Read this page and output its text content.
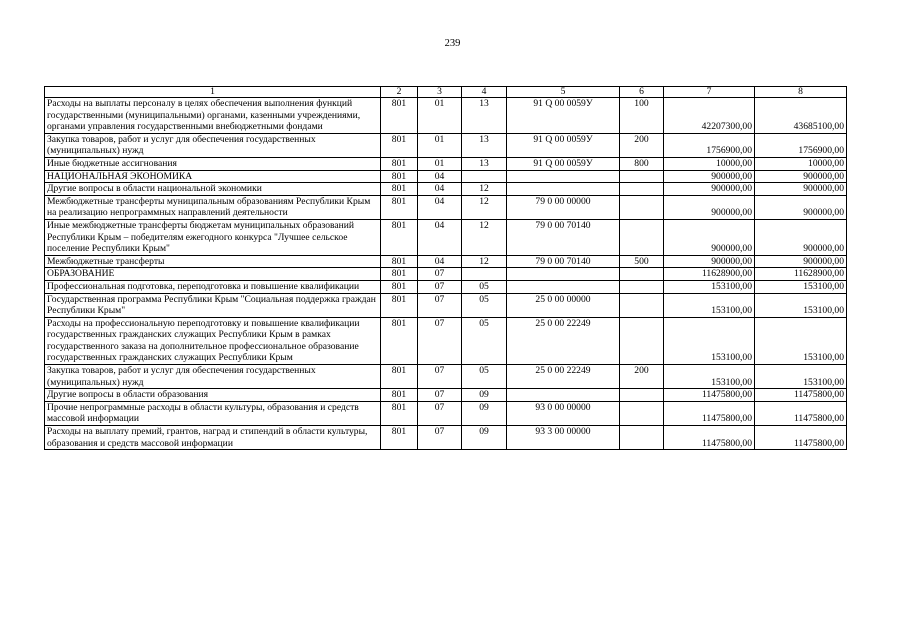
239
1	2	3	4	5	6	7	8
Расходы на выплаты персоналу в целях обеспечения выполнения функций государственными (муниципальными) органами, казенными учреждениями, органами управления государственными внебюджетными фондами	801	01	13	91 Q 00 0059У	100	42207300,00	43685100,00
Закупка товаров, работ и услуг для обеспечения государственных (муниципальных) нужд	801	01	13	91 Q 00 0059У	200	1756900,00	1756900,00
Иные бюджетные ассигнования	801	01	13	91 Q 00 0059У	800	10000,00	10000,00
НАЦИОНАЛЬНАЯ ЭКОНОМИКА	801	04				900000,00	900000,00
Другие вопросы в области национальной экономики	801	04	12			900000,00	900000,00
Межбюджетные трансферты муниципальным образованиям Республики Крым на реализацию непрограммных направлений деятельности	801	04	12	79 0 00 00000		900000,00	900000,00
Иные межбюджетные трансферты бюджетам муниципальных образований Республики Крым – победителям ежегодного конкурса "Лучшее сельское поселение Республики Крым"	801	04	12	79 0 00 70140		900000,00	900000,00
Межбюджетные трансферты	801	04	12	79 0 00 70140	500	900000,00	900000,00
ОБРАЗОВАНИЕ	801	07				11628900,00	11628900,00
Профессиональная подготовка, переподготовка и повышение квалификации	801	07	05			153100,00	153100,00
Государственная программа Республики Крым "Социальная поддержка граждан Республики Крым"	801	07	05	25 0 00 00000		153100,00	153100,00
Расходы на профессиональную переподготовку и повышение квалификации государственных гражданских служащих Республики Крым в рамках государственного заказа на дополнительное профессиональное образование государственных гражданских служащих Республики Крым	801	07	05	25 0 00 22249		153100,00	153100,00
Закупка товаров, работ и услуг для обеспечения государственных (муниципальных) нужд	801	07	05	25 0 00 22249	200	153100,00	153100,00
Другие вопросы в области образования	801	07	09			11475800,00	11475800,00
Прочие непрограммные расходы в области культуры, образования и средств массовой информации	801	07	09	93 0 00 00000		11475800,00	11475800,00
Расходы на выплату премий, грантов, наград и стипендий в области культуры, образования и средств массовой информации	801	07	09	93 3 00 00000		11475800,00	11475800,00
